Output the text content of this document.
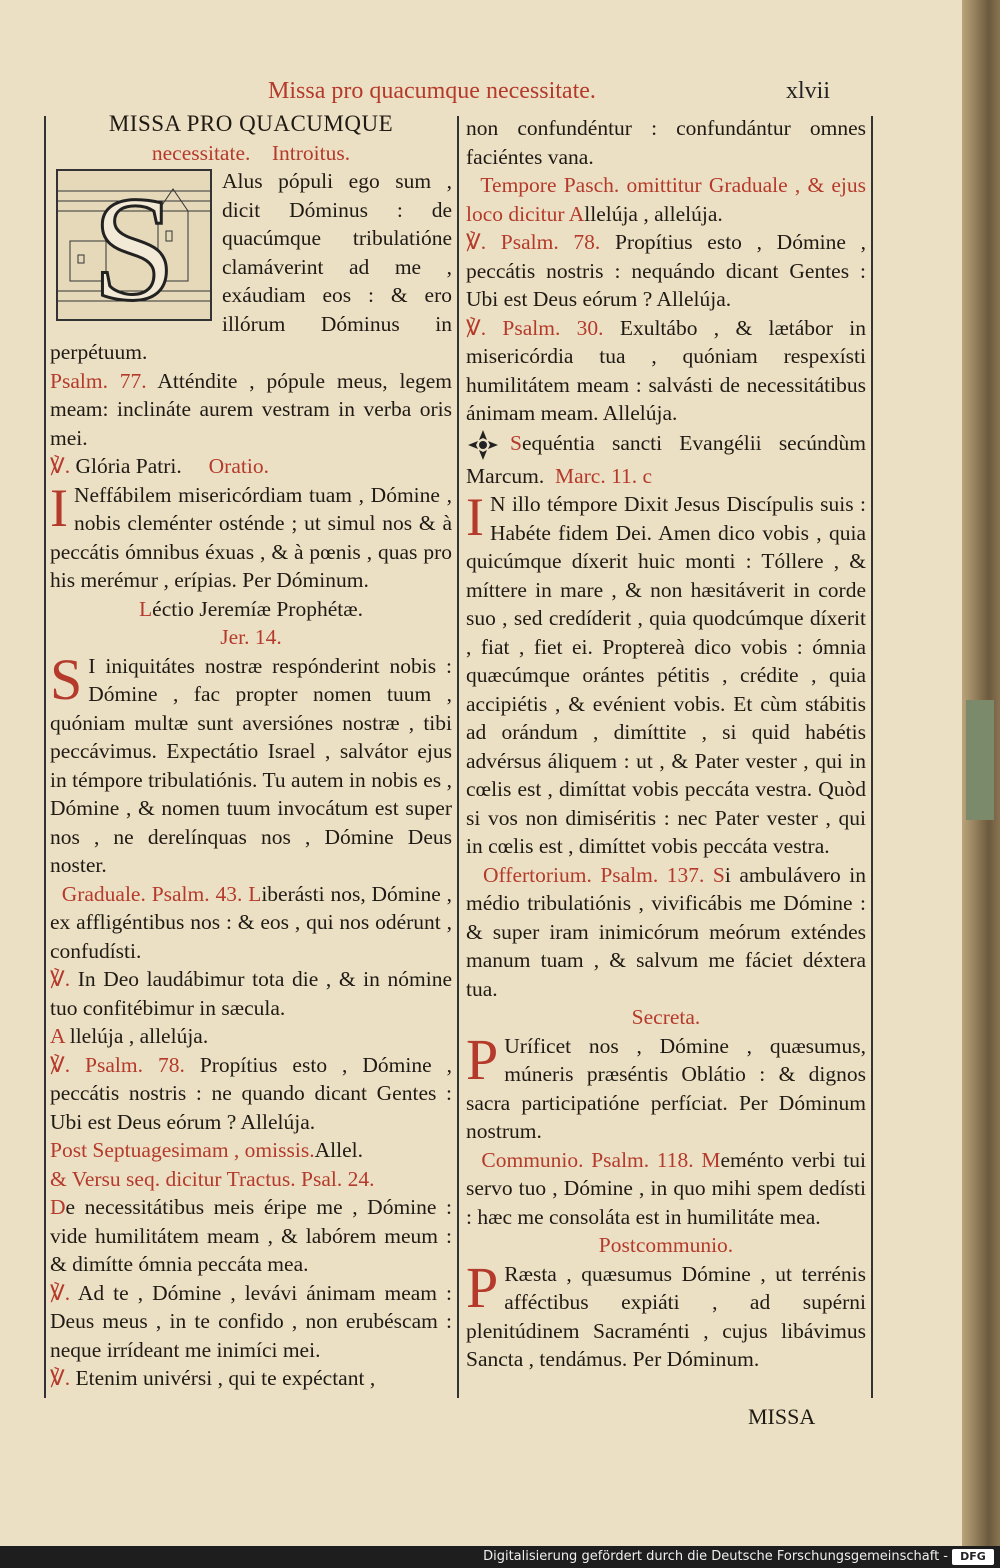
Missa pro quacumque necessitate.	xlvii

MISSA PRO QUACUMQUE

necessitate. Introitus.

S	Alus pópuli ego sum , dicit Dóminus : de quacúmque tribulatióne clamáverint ad me , exáudiam eos : & ero illórum Dóminus in perpétuum.

Psalm. 77. Atténdite , pópule meus, legem meam: inclináte aurem vestram in verba oris mei.

℣. Glória Patri. Oratio.

I Neffábilem misericórdiam tuam , Dómine , nobis cleménter osténde ; ut simul nos & à peccátis ómnibus éxuas , & à pœnis , quas pro his merémur , erípias. Per Dóminum.

Léctio Jeremíæ Prophétæ.

Jer. 14.

S I iniquitátes nostræ respónderint nobis : Dómine , fac propter nomen tuum , quóniam multæ sunt aversiónes nostræ , tibi peccávimus. Expectátio Israel , salvátor ejus in témpore tribulatiónis. Tu autem in nobis es , Dómine , & nomen tuum invocátum est super nos , ne derelínquas nos , Dómine Deus noster.

Graduale. Psalm. 43. Liberásti nos, Dómine , ex affligéntibus nos : & eos , qui nos odérunt , confudísti.

℣. In Deo laudábimur tota die , & in nómine tuo confitébimur in sæcula.

A llelúja , allelúja.

℣. Psalm. 78. Propítius esto , Dómine , peccátis nostris : ne quando dicant Gentes : Ubi est Deus eórum ? Allelúja.

Post Septuagesimam , omissis.Allel.

& Versu seq. dicitur Tractus. Psal. 24.

De necessitátibus meis éripe me , Dómine : vide humilitátem meam , & labórem meum : & dimítte ómnia peccáta mea.

℣. Ad te , Dómine , levávi ánimam meam : Deus meus , in te confido , non erubéscam : neque irrídeant me inimíci mei.

℣. Etenim univérsi , qui te expéctant ,

non confundéntur : confundántur omnes faciéntes vana.

Tempore Pasch. omittitur Graduale , & ejus loco dicitur Allelúja , allelúja.

℣. Psalm. 78. Propítius esto , Dómine , peccátis nostris : nequándo dicant Gentes : Ubi est Deus eórum ? Allelúja.

℣. Psalm. 30. Exultábo , & lætábor in misericórdia tua , quóniam respexísti humilitátem meam : salvásti de necessitátibus ánimam meam. Allelúja.

Sequéntia sancti Evangélii secúndùm Marcum. Marc. 11. c

I N illo témpore Dixit Jesus Discípulis suis : Habéte fidem Dei. Amen dico vobis , quia quicúmque díxerit huic monti : Tóllere , & míttere in mare , & non hæsitáverit in corde suo , sed credíderit , quia quodcúmque díxerit , fiat , fiet ei. Proptereà dico vobis : ómnia quæcúmque orántes pétitis , crédite , quia accipiétis , & evénient vobis. Et cùm stábitis ad orándum , dimíttite , si quid habétis advérsus áliquem : ut , & Pater vester , qui in cœlis est , dimíttat vobis peccáta vestra. Quòd si vos non dimiséritis : nec Pater vester , qui in cœlis est , dimíttet vobis peccáta vestra.

Offertorium. Psalm. 137. Si ambulávero in médio tribulatiónis , vivificábis me Dómine : & super iram inimicórum meórum exténdes manum tuam , & salvum me fáciet déxtera tua.

Secreta.

P Uríficet nos , Dómine , quæsumus, múneris præséntis Oblátio : & dignos sacra participatióne perfíciat. Per Dóminum nostrum.

Communio. Psalm. 118. Meménto verbi tui servo tuo , Dómine , in quo mihi spem dedísti : hæc me consoláta est in humilitáte mea.

Postcommunio.

P Ræsta , quæsumus Dómine , ut terrénis afféctibus expiáti , ad supérni plenitúdinem Sacraménti , cujus libávimus Sancta , tendámus. Per Dóminum.

MISSA
Digitalisierung gefördert durch die Deutsche Forschungsgemeinschaft -	DFG
